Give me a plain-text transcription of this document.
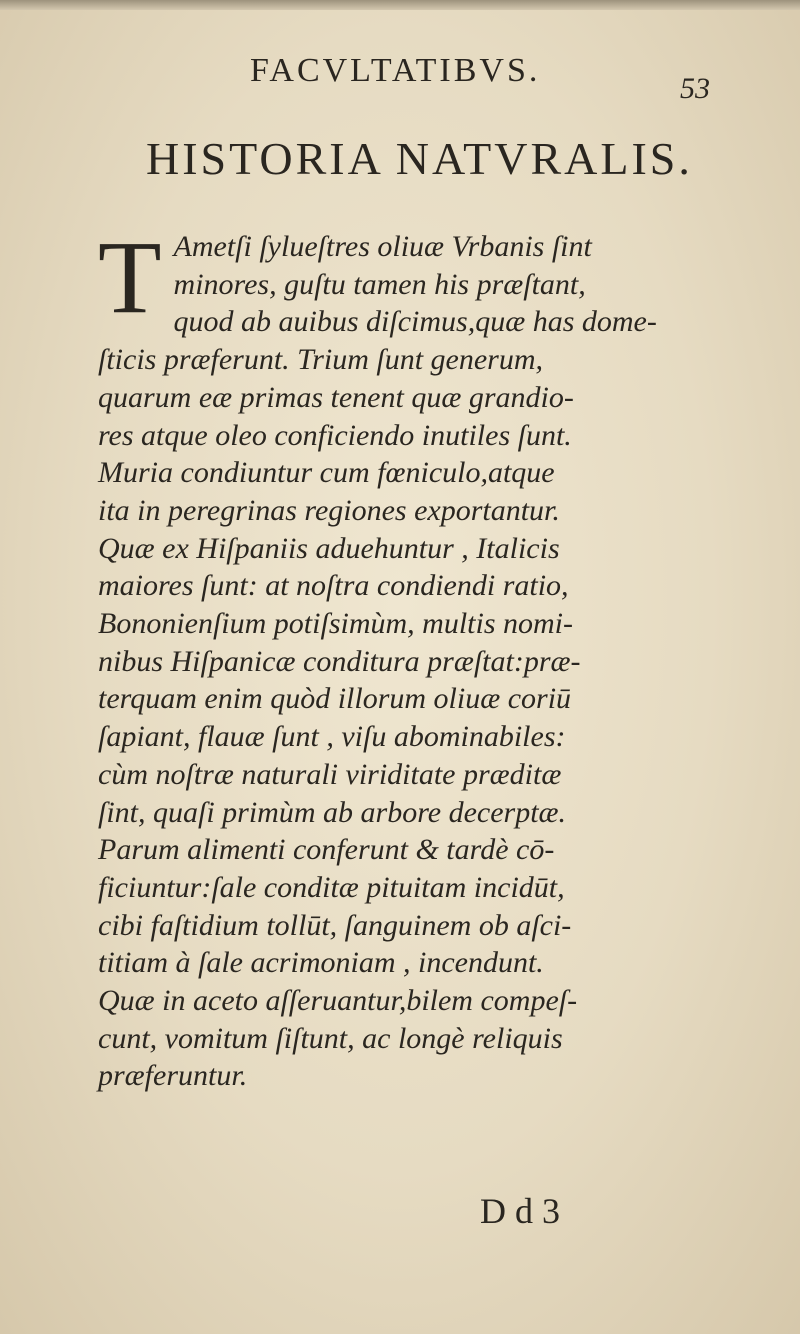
FACVLTATIBVS.	53
HISTORIA NATVRALIS.
T Ametſi ſylueſtres oliuæ Vrbanis ſint
minores, guſtu tamen his præſtant,
quod ab auibus diſcimus,quæ has dome-
ſticis præferunt. Trium ſunt generum,
quarum eæ primas tenent quæ grandio-
res atque oleo conficiendo inutiles ſunt.
Muria condiuntur cum fœniculo,atque
ita in peregrinas regiones exportantur.
Quæ ex Hiſpaniis aduehuntur , Italicis
maiores ſunt: at noſtra condiendi ratio,
Bononienſium potiſsimùm, multis nomi-
nibus Hiſpanicæ conditura præſtat:præ-
terquam enim quòd illorum oliuæ coriū
ſapiant, flauæ ſunt , viſu abominabiles:
cùm noſtræ naturali viriditate præditæ
ſint, quaſi primùm ab arbore decerptæ.
Parum alimenti conferunt & tardè cō-
ficiuntur:ſale conditæ pituitam incidūt,
cibi faſtidium tollūt, ſanguinem ob aſci-
titiam à ſale acrimoniam , incendunt.
Quæ in aceto aſſeruantur,bilem compeſ-
cunt, vomitum ſiſtunt, ac longè reliquis
præferuntur.
D d 3
